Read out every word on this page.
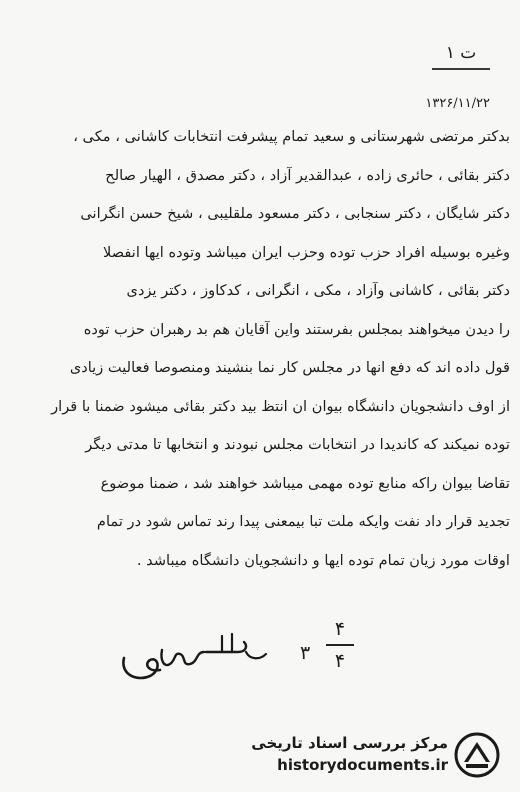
ت ۱
۱۳۲۶/۱۱/۲۲
بدکتر مرتضی شهرستانی و سعید تمام پیشرفت انتخابات کاشانی ، مکی ،
دکتر بقائی ، حائری زاده ، عبدالقدیر آزاد ، دکتر مصدق ، الهیار صالح
دکتر شایگان ، دکتر سنجابی ، دکتر مسعود ملقلیبی ، شیخ حسن انگرانی
وغیره بوسیله افراد حزب توده وحزب ایران میباشد وتوده ایها انفصلا
دکتر بقائی ، کاشانی وآزاد ، مکی ، انگرانی ، کدکاوز ، دکتر یزدی
را دیدن میخواهند بمجلس بفرستند واین آقایان هم بد رهبران حزب توده
قول داده اند که دفع انها در مجلس کار نما بنشیند ومنصوصا فعالیت زیادی
از اوف دانشجویان دانشگاه بیوان ان انتظ بید دکتر بقائی میشود ضمنا با قرار
توده نمیکند که کاندیدا در انتخابات مجلس نبودند و انتخابها تا مدتی دیگر
تقاضا بیوان راکه منابع توده مهمی میباشد خواهند شد ، ضمنا موضوع
تجدید قرار داد نفت وایکه ملت تبا بیمعنی پیدا رند تماس شود در تمام
اوقات مورد زیان تمام توده ایها و دانشجویان دانشگاه میباشد .
۳
۴
۴
مرکز بررسی اسناد تاریخی
historydocuments.ir
